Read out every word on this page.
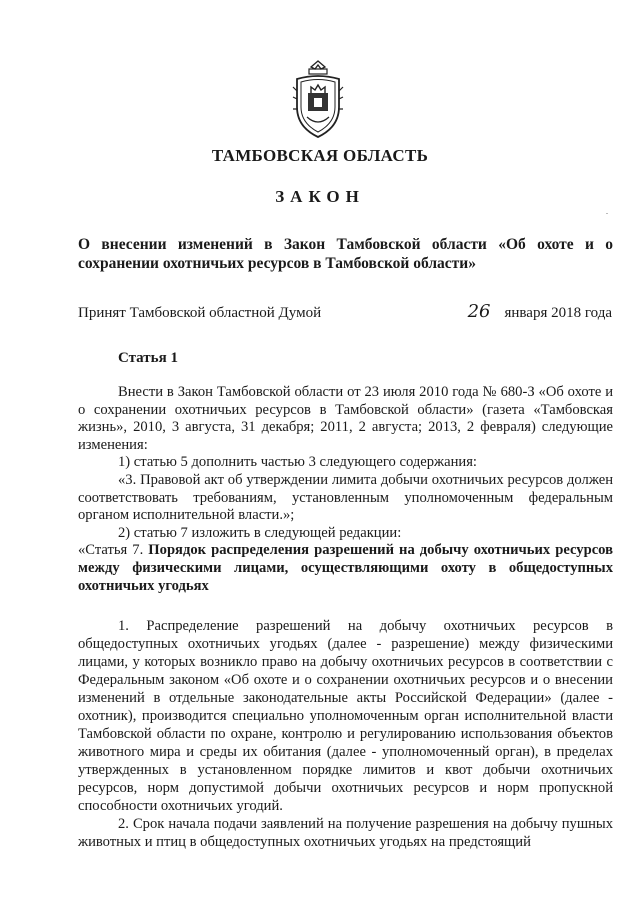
ТАМБОВСКАЯ ОБЛАСТЬ
ЗАКОН
О внесении изменений в Закон Тамбовской области «Об охоте и о сохранении охотничьих ресурсов в Тамбовской области»
Принят Тамбовской областной Думой	26 января 2018 года
Статья 1

Внести в Закон Тамбовской области от 23 июля 2010 года № 680-З «Об охоте и о сохранении охотничьих ресурсов в Тамбовской области» (газета «Тамбовская жизнь», 2010, 3 августа, 31 декабря; 2011, 2 августа; 2013, 2 февраля) следующие изменения:

1) статью 5 дополнить частью 3 следующего содержания:

«3. Правовой акт об утверждении лимита добычи охотничьих ресурсов должен соответствовать требованиям, установленным уполномоченным федеральным органом исполнительной власти.»;

2) статью 7 изложить в следующей редакции:

«Статья 7. Порядок распределения разрешений на добычу охотничьих ресурсов между физическими лицами, осуществляющими охоту в общедоступных охотничьих угодьях

1. Распределение разрешений на добычу охотничьих ресурсов в общедоступных охотничьих угодьях (далее - разрешение) между физическими лицами, у которых возникло право на добычу охотничьих ресурсов в соответствии с Федеральным законом «Об охоте и о сохранении охотничьих ресурсов и о внесении изменений в отдельные законодательные акты Российской Федерации» (далее - охотник), производится специально уполномоченным орган исполнительной власти Тамбовской области по охране, контролю и регулированию использования объектов животного мира и среды их обитания (далее - уполномоченный орган), в пределах утвержденных в установленном порядке лимитов и квот добычи охотничьих ресурсов, норм допустимой добычи охотничьих ресурсов и норм пропускной способности охотничьих угодий.

2. Срок начала подачи заявлений на получение разрешения на добычу пушных животных и птиц в общедоступных охотничьих угодьях на предстоящий
